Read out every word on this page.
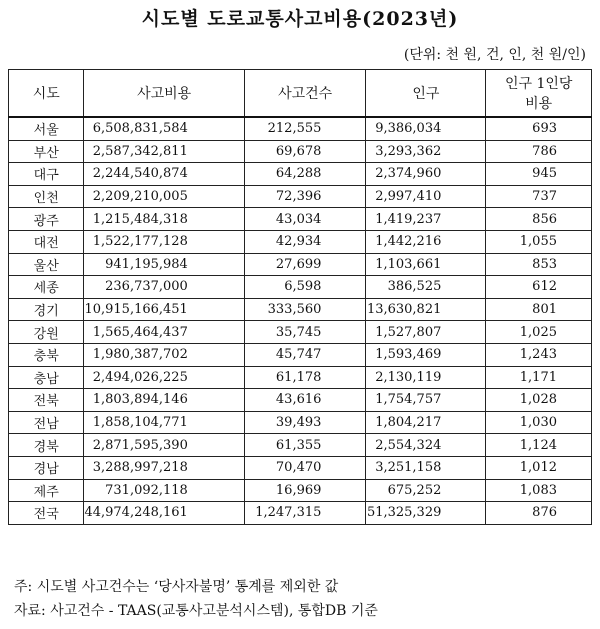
시도별 도로교통사고비용(2023년)
(단위: 천 원, 건, 인, 천 원/인)
시도	사고비용	사고건수	인구	인구 1인당
비용

서울	6,508,831,584	212,555	9,386,034	693
부산	2,587,342,811	69,678	3,293,362	786
대구	2,244,540,874	64,288	2,374,960	945
인천	2,209,210,005	72,396	2,997,410	737
광주	1,215,484,318	43,034	1,419,237	856
대전	1,522,177,128	42,934	1,442,216	1,055
울산	941,195,984	27,699	1,103,661	853
세종	236,737,000	6,598	386,525	612
경기	10,915,166,451	333,560	13,630,821	801
강원	1,565,464,437	35,745	1,527,807	1,025
충북	1,980,387,702	45,747	1,593,469	1,243
충남	2,494,026,225	61,178	2,130,119	1,171
전북	1,803,894,146	43,616	1,754,757	1,028
전남	1,858,104,771	39,493	1,804,217	1,030
경북	2,871,595,390	61,355	2,554,324	1,124
경남	3,288,997,218	70,470	3,251,158	1,012
제주	731,092,118	16,969	675,252	1,083
전국	44,974,248,161	1,247,315	51,325,329	876
주: 시도별 사고건수는 ‘당사자불명’ 통계를 제외한 값
자료: 사고건수 - TAAS(교통사고분석시스템), 통합DB 기준
